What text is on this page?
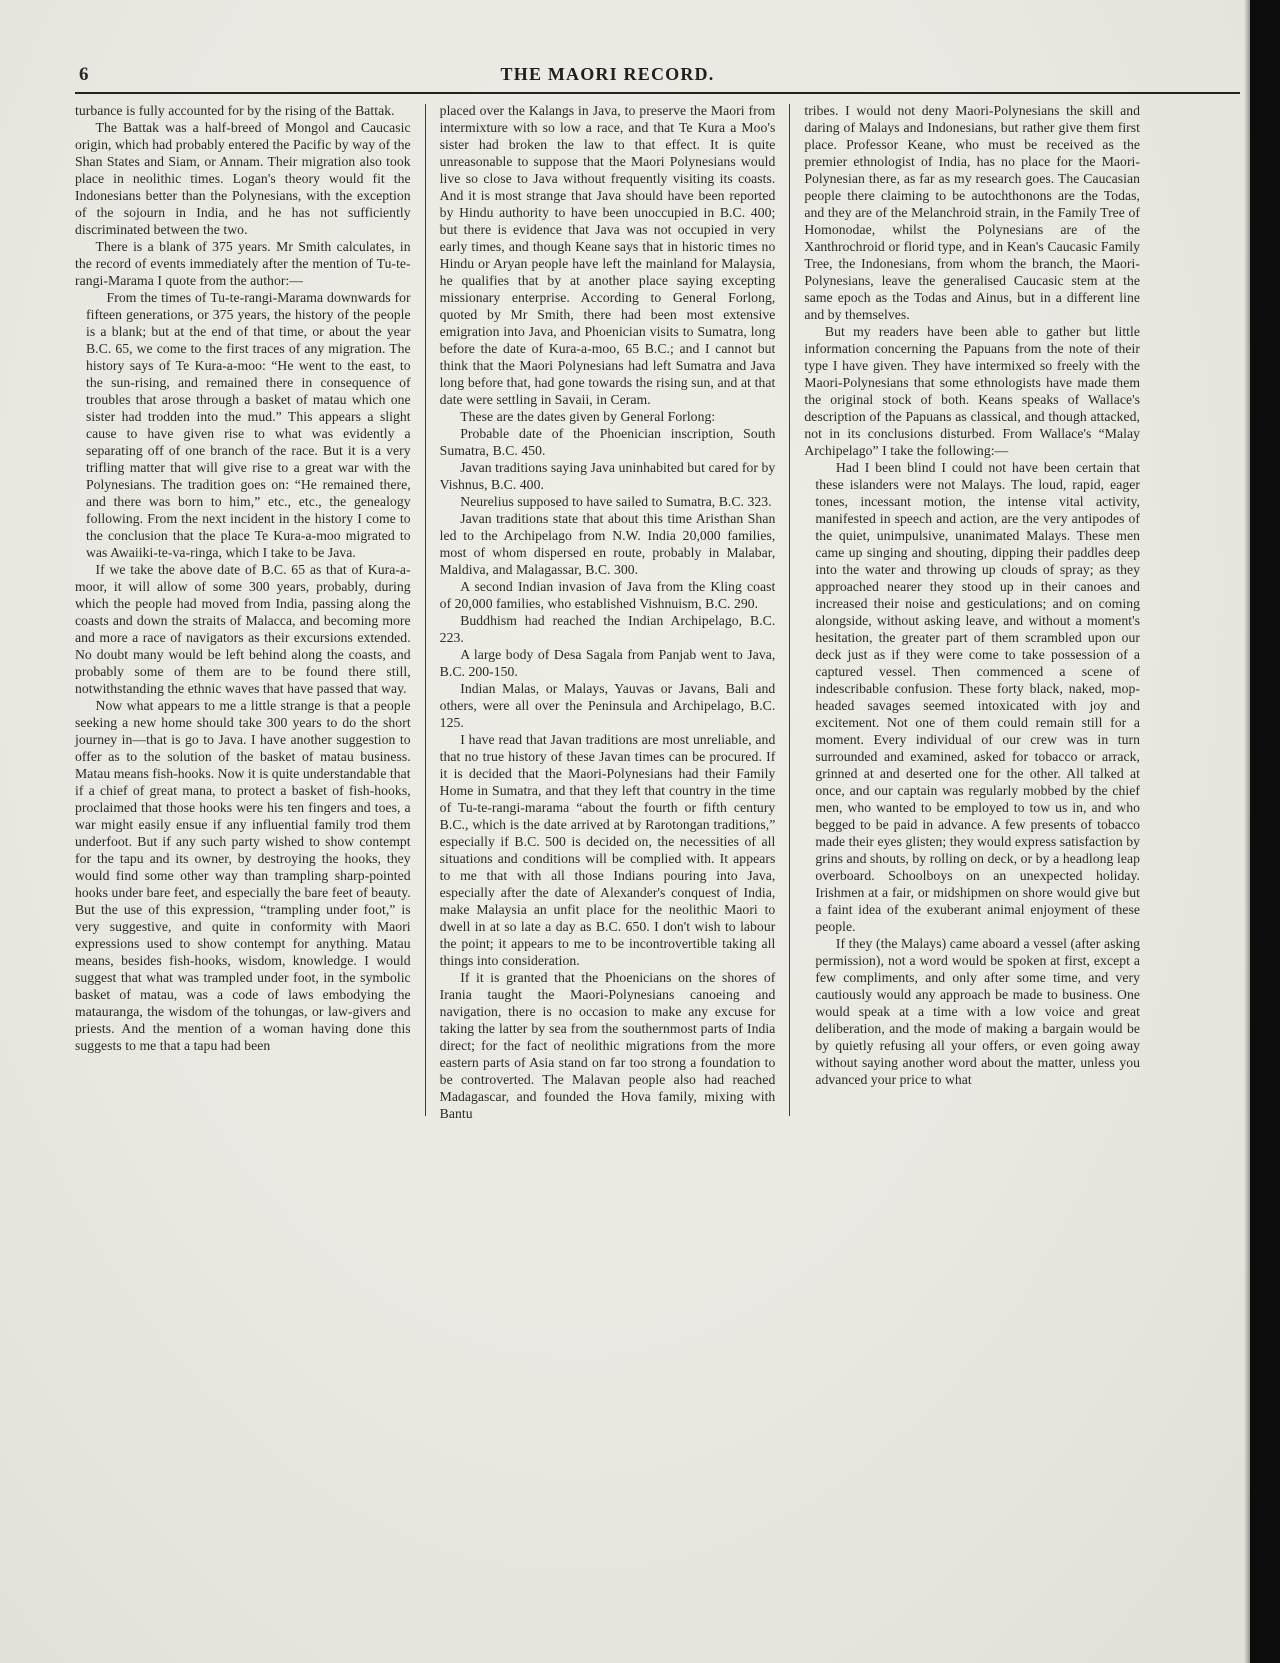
6	THE MAORI RECORD.

turbance is fully accounted for by the rising of the Battak.

The Battak was a half-breed of Mongol and Caucasic origin, which had probably entered the Pacific by way of the Shan States and Siam, or Annam. Their migration also took place in neolithic times. Logan's theory would fit the Indonesians better than the Polynesians, with the exception of the sojourn in India, and he has not sufficiently discriminated between the two.

There is a blank of 375 years. Mr Smith calculates, in the record of events immediately after the mention of Tu-te-rangi-Marama I quote from the author:—

From the times of Tu-te-rangi-Marama downwards for fifteen generations, or 375 years, the history of the people is a blank; but at the end of that time, or about the year B.C. 65, we come to the first traces of any migration. The history says of Te Kura-a-moo: “He went to the east, to the sun-rising, and remained there in consequence of troubles that arose through a basket of matau which one sister had trodden into the mud.” This appears a slight cause to have given rise to what was evidently a separating off of one branch of the race. But it is a very trifling matter that will give rise to a great war with the Polynesians. The tradition goes on: “He remained there, and there was born to him,” etc., etc., the genealogy following. From the next incident in the history I come to the conclusion that the place Te Kura-a-moo migrated to was Awaiiki-te-va-ringa, which I take to be Java.

If we take the above date of B.C. 65 as that of Kura-a-moor, it will allow of some 300 years, probably, during which the people had moved from India, passing along the coasts and down the straits of Malacca, and becoming more and more a race of navigators as their excursions extended. No doubt many would be left behind along the coasts, and probably some of them are to be found there still, notwithstanding the ethnic waves that have passed that way.

Now what appears to me a little strange is that a people seeking a new home should take 300 years to do the short journey in—that is go to Java. I have another suggestion to offer as to the solution of the basket of matau business. Matau means fish-hooks. Now it is quite understandable that if a chief of great mana, to protect a basket of fish-hooks, proclaimed that those hooks were his ten fingers and toes, a war might easily ensue if any influential family trod them underfoot. But if any such party wished to show contempt for the tapu and its owner, by destroying the hooks, they would find some other way than trampling sharp-pointed hooks under bare feet, and especially the bare feet of beauty. But the use of this expression, “trampling under foot,” is very suggestive, and quite in conformity with Maori expressions used to show contempt for anything. Matau means, besides fish-hooks, wisdom, knowledge. I would suggest that what was trampled under foot, in the symbolic basket of matau, was a code of laws embodying the matauranga, the wisdom of the tohungas, or law-givers and priests. And the mention of a woman having done this suggests to me that a tapu had been

placed over the Kalangs in Java, to preserve the Maori from intermixture with so low a race, and that Te Kura a Moo's sister had broken the law to that effect. It is quite unreasonable to suppose that the Maori Polynesians would live so close to Java without frequently visiting its coasts. And it is most strange that Java should have been reported by Hindu authority to have been unoccupied in B.C. 400; but there is evidence that Java was not occupied in very early times, and though Keane says that in historic times no Hindu or Aryan people have left the mainland for Malaysia, he qualifies that by at another place saying excepting missionary enterprise. According to General Forlong, quoted by Mr Smith, there had been most extensive emigration into Java, and Phoenician visits to Sumatra, long before the date of Kura-a-moo, 65 B.C.; and I cannot but think that the Maori Polynesians had left Sumatra and Java long before that, had gone towards the rising sun, and at that date were settling in Savaii, in Ceram.

These are the dates given by General Forlong:

Probable date of the Phoenician inscription, South Sumatra, B.C. 450.

Javan traditions saying Java uninhabited but cared for by Vishnus, B.C. 400.

Neurelius supposed to have sailed to Sumatra, B.C. 323.

Javan traditions state that about this time Aristhan Shan led to the Archipelago from N.W. India 20,000 families, most of whom dispersed en route, probably in Malabar, Maldiva, and Malagassar, B.C. 300.

A second Indian invasion of Java from the Kling coast of 20,000 families, who established Vishnuism, B.C. 290.

Buddhism had reached the Indian Archipelago, B.C. 223.

A large body of Desa Sagala from Panjab went to Java, B.C. 200-150.

Indian Malas, or Malays, Yauvas or Javans, Bali and others, were all over the Peninsula and Archipelago, B.C. 125.

I have read that Javan traditions are most unreliable, and that no true history of these Javan times can be procured. If it is decided that the Maori-Polynesians had their Family Home in Sumatra, and that they left that country in the time of Tu-te-rangi-marama “about the fourth or fifth century B.C., which is the date arrived at by Rarotongan traditions,” especially if B.C. 500 is decided on, the necessities of all situations and conditions will be complied with. It appears to me that with all those Indians pouring into Java, especially after the date of Alexander's conquest of India, make Malaysia an unfit place for the neolithic Maori to dwell in at so late a day as B.C. 650. I don't wish to labour the point; it appears to me to be incontrovertible taking all things into consideration.

If it is granted that the Phoenicians on the shores of Irania taught the Maori-Polynesians canoeing and navigation, there is no occasion to make any excuse for taking the latter by sea from the southernmost parts of India direct; for the fact of neolithic migrations from the more eastern parts of Asia stand on far too strong a foundation to be controverted. The Malavan people also had reached Madagascar, and founded the Hova family, mixing with Bantu

tribes. I would not deny Maori-Polynesians the skill and daring of Malays and Indonesians, but rather give them first place. Professor Keane, who must be received as the premier ethnologist of India, has no place for the Maori-Polynesian there, as far as my research goes. The Caucasian people there claiming to be autochthonons are the Todas, and they are of the Melanchroid strain, in the Family Tree of Homonodae, whilst the Polynesians are of the Xanthrochroid or florid type, and in Kean's Caucasic Family Tree, the Indonesians, from whom the branch, the Maori-Polynesians, leave the generalised Caucasic stem at the same epoch as the Todas and Ainus, but in a different line and by themselves.

But my readers have been able to gather but little information concerning the Papuans from the note of their type I have given. They have intermixed so freely with the Maori-Polynesians that some ethnologists have made them the original stock of both. Keans speaks of Wallace's description of the Papuans as classical, and though attacked, not in its conclusions disturbed. From Wallace's “Malay Archipelago” I take the following:—

Had I been blind I could not have been certain that these islanders were not Malays. The loud, rapid, eager tones, incessant motion, the intense vital activity, manifested in speech and action, are the very antipodes of the quiet, unimpulsive, unanimated Malays. These men came up singing and shouting, dipping their paddles deep into the water and throwing up clouds of spray; as they approached nearer they stood up in their canoes and increased their noise and gesticulations; and on coming alongside, without asking leave, and without a moment's hesitation, the greater part of them scrambled upon our deck just as if they were come to take possession of a captured vessel. Then commenced a scene of indescribable confusion. These forty black, naked, mop-headed savages seemed intoxicated with joy and excitement. Not one of them could remain still for a moment. Every individual of our crew was in turn surrounded and examined, asked for tobacco or arrack, grinned at and deserted one for the other. All talked at once, and our captain was regularly mobbed by the chief men, who wanted to be employed to tow us in, and who begged to be paid in advance. A few presents of tobacco made their eyes glisten; they would express satisfaction by grins and shouts, by rolling on deck, or by a headlong leap overboard. Schoolboys on an unexpected holiday. Irishmen at a fair, or midshipmen on shore would give but a faint idea of the exuberant animal enjoyment of these people.

If they (the Malays) came aboard a vessel (after asking permission), not a word would be spoken at first, except a few compliments, and only after some time, and very cautiously would any approach be made to business. One would speak at a time with a low voice and great deliberation, and the mode of making a bargain would be by quietly refusing all your offers, or even going away without saying another word about the matter, unless you advanced your price to what
